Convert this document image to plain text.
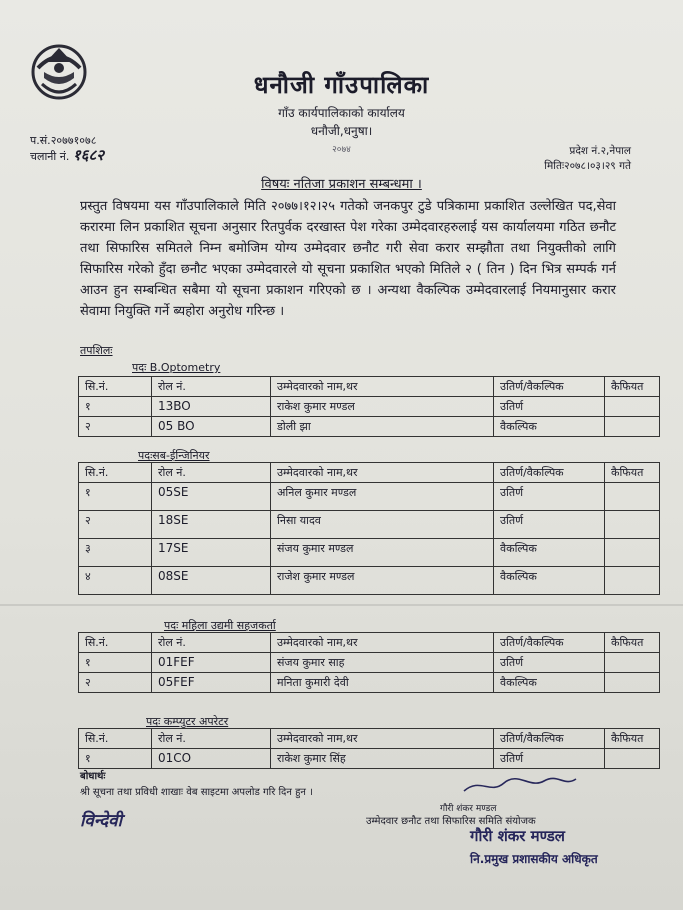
धनौजी गाँउपालिका
गाँउ कार्यपालिकाको कार्यालय
धनौजी,धनुषा।
२०७४
प.सं.२०७७१०७८
चलानी नं. १६८२	प्रदेश नं.२,नेपाल
मितिः२०७८।०३।२९ गते
विषयः नतिजा प्रकाशन सम्बन्धमा ।
प्रस्तुत विषयमा यस गाँउपालिकाले मिति २०७७।१२।२५ गतेको जनकपुर टुडे पत्रिकामा प्रकाशित उल्लेखित पद,सेवा करारमा लिन प्रकाशित सूचना अनुसार रितपुर्वक दरखास्त पेश गरेका उम्मेदवारहरुलाई यस कार्यालयमा गठित छनौट तथा सिफारिस समितले निम्न बमोजिम योग्य उम्मेदवार छनौट गरी सेवा करार सम्झौता तथा नियुक्तीको लागि सिफारिस गरेको हुँदा छनौट भएका उम्मेदवारले यो सूचना प्रकाशित भएको मितिले २ ( तिन ) दिन भित्र सम्पर्क गर्न आउन हुन सम्बन्धित सबैमा यो सूचना प्रकाशन गरिएको छ । अन्यथा वैकल्पिक उम्मेदवारलाई नियमानुसार करार सेवामा नियुक्ति गर्ने ब्यहोरा अनुरोध गरिन्छ ।
तपशिलः
पदः B.Optometry
सि.नं.	रोल नं.	उम्मेदवारको नाम,थर	उतिर्ण/वैकल्पिक	कैफियत
१	13BO	राकेश कुमार मण्डल	उतिर्ण	
२	05 BO	डोली झा	वैकल्पिक	
पदःसब-ईन्जिनियर
सि.नं.	रोल नं.	उम्मेदवारको नाम,थर	उतिर्ण/वैकल्पिक	कैफियत
१	05SE	अनिल कुमार मण्डल	उतिर्ण	
२	18SE	निसा यादव	उतिर्ण	
३	17SE	संजय कुमार मण्डल	वैकल्पिक	
४	08SE	राजेश कुमार मण्डल	वैकल्पिक	
पदः महिला उद्यमी सहजकर्ता
सि.नं.	रोल नं.	उम्मेदवारको नाम,थर	उतिर्ण/वैकल्पिक	कैफियत
१	01FEF	संजय कुमार साह	उतिर्ण	
२	05FEF	मनिता कुमारी देवी	वैकल्पिक	
पदः कम्प्युटर अपरेटर
सि.नं.	रोल नं.	उम्मेदवारको नाम,थर	उतिर्ण/वैकल्पिक	कैफियत
१	01CO	राकेश कुमार सिंह	उतिर्ण	
बोधार्थः
श्री सूचना तथा प्रविधी शाखाः वेब साइटमा अपलोड गरि दिन हुन ।
विन्देवी
गौरी शंकर मण्डल
उम्मेदवार छनौट तथा सिफारिस समिति संयोजक
गौरी शंकर मण्डल
नि.प्रमुख प्रशासकीय अधिकृत
